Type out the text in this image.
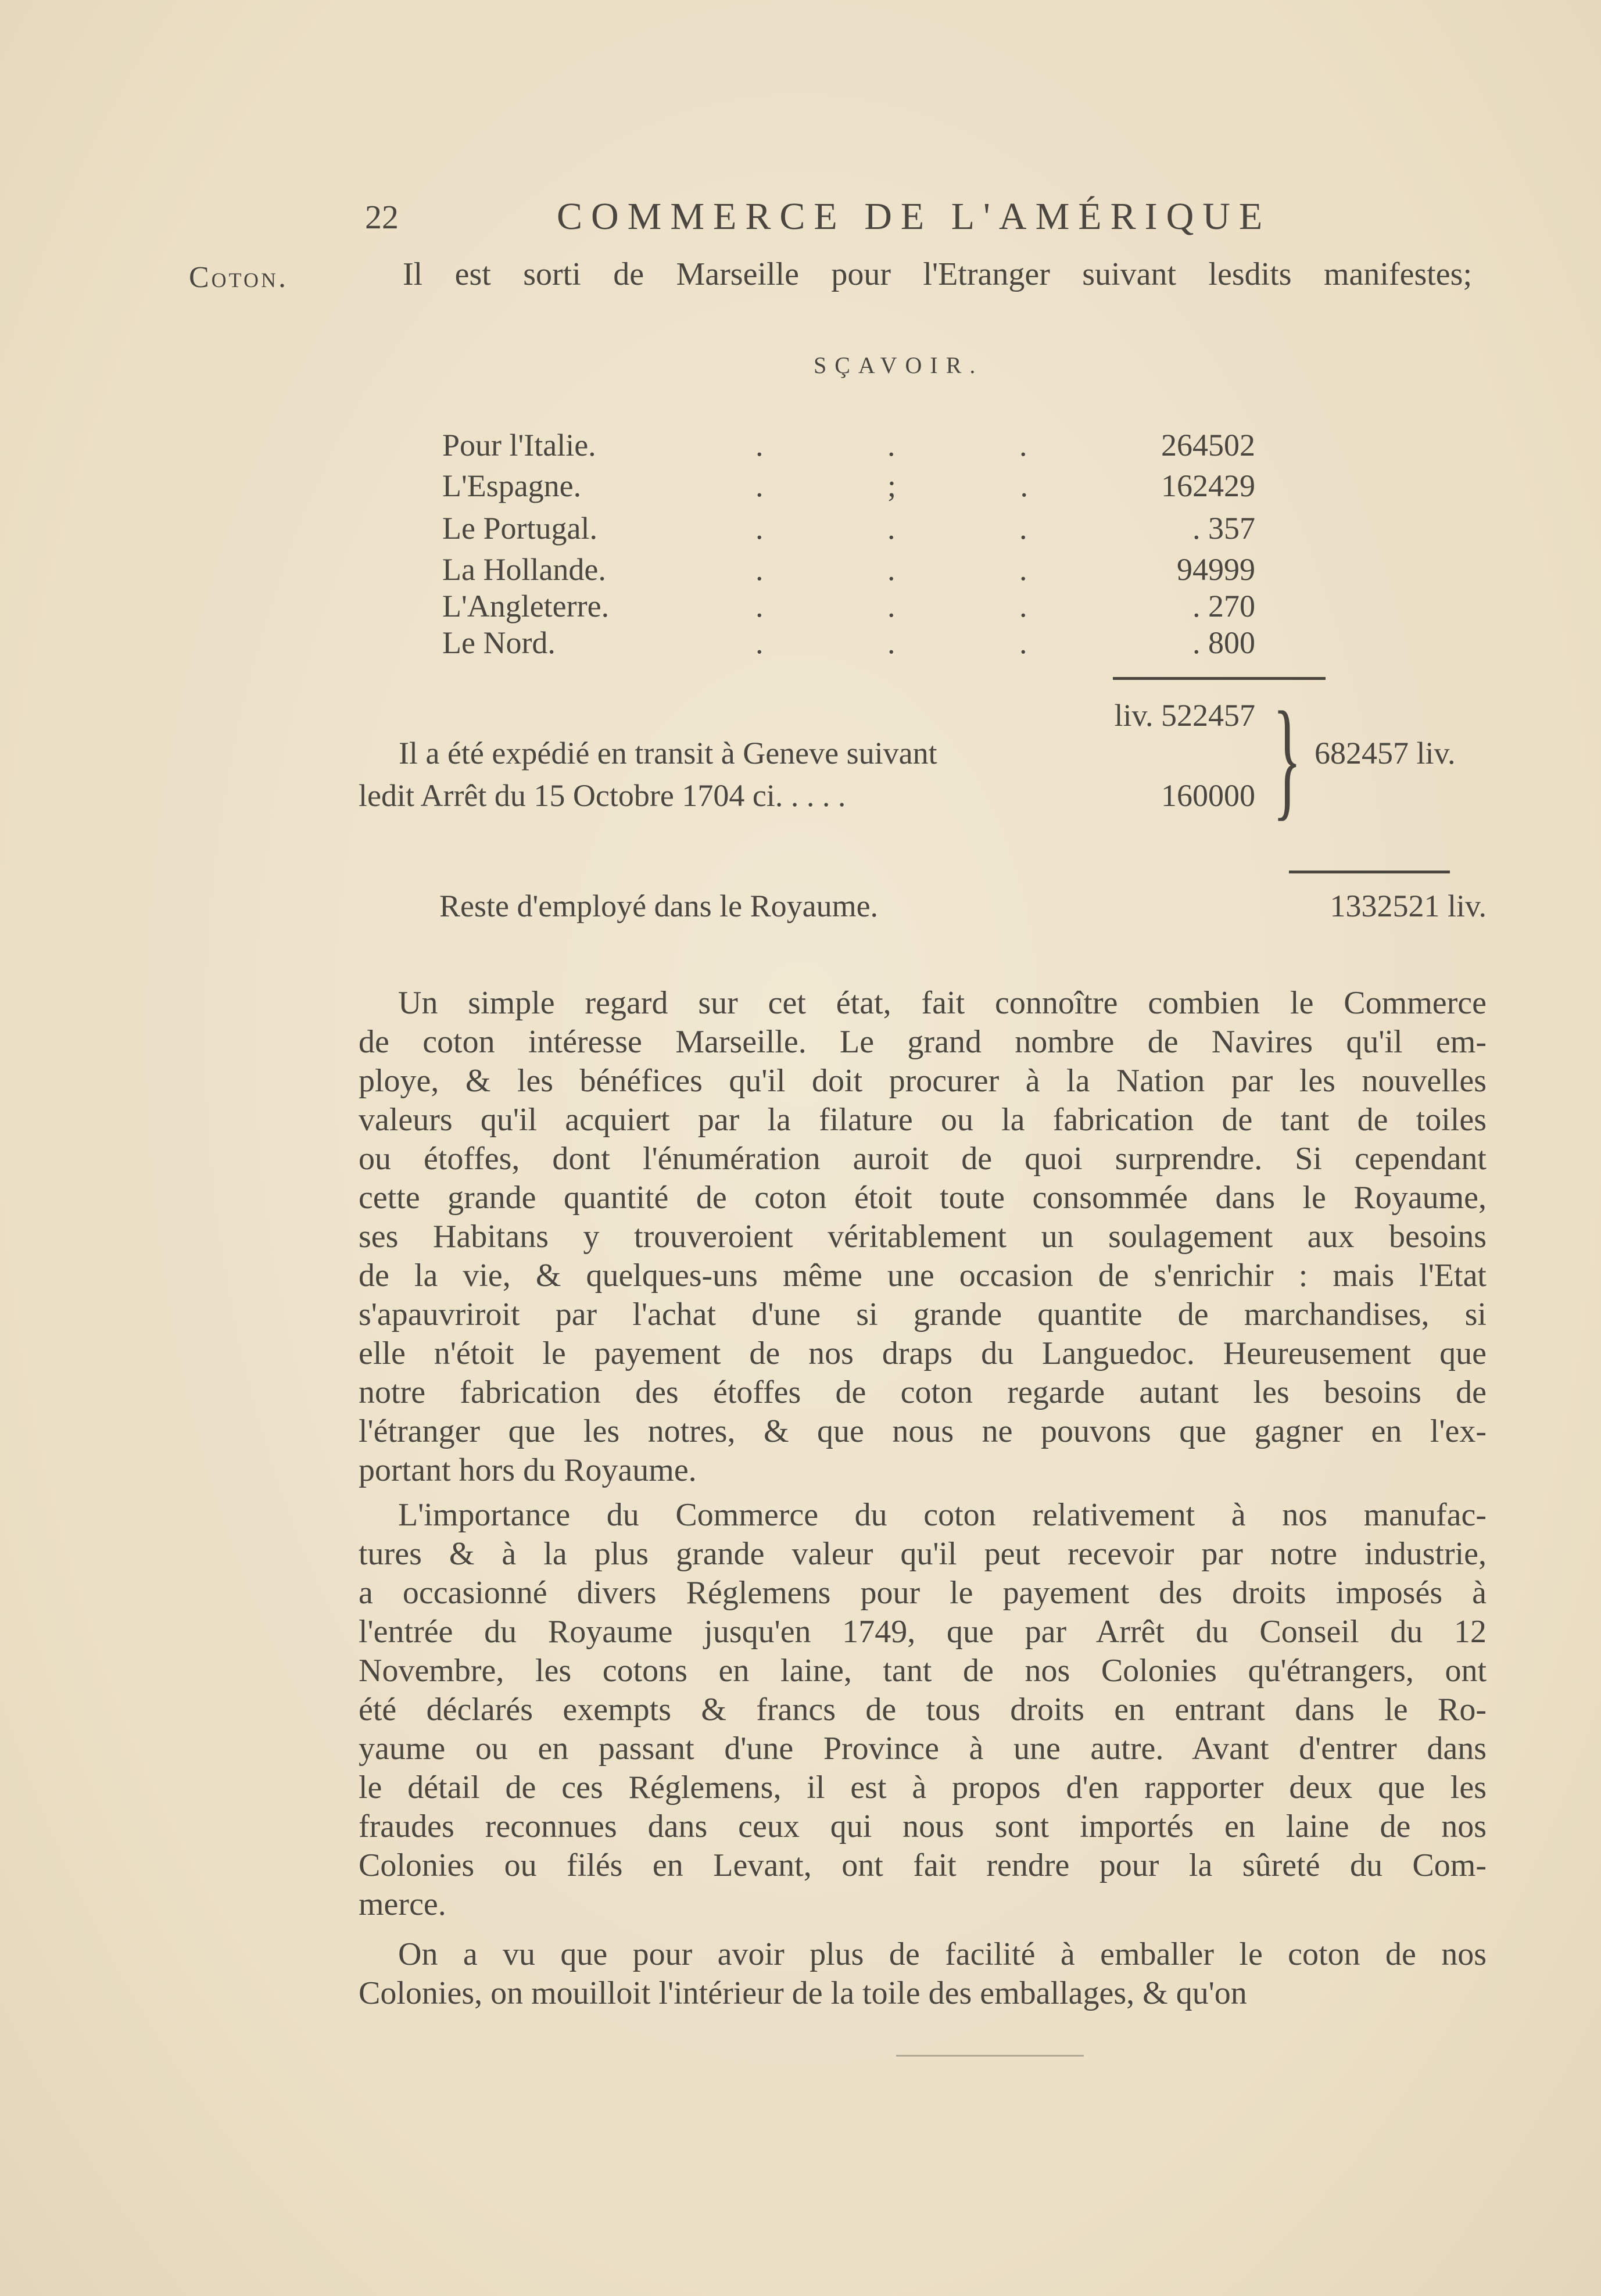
22	COMMERCE DE L'AMÉRIQUE
Coton.	Il est sorti de Marseille pour l'Etranger suivant lesdits manifestes;
SÇAVOIR.
Pour l'Italie.	. . .	264502
L'Espagne.	. ; .	162429
Le Portugal.	. . .	. 357
La Hollande.	. . .	94999
L'Angleterre.	. . .	. 270
Le Nord.	. . .	. 800
liv. 522457
Il a été expédié en transit à Geneve suivant
ledit Arrêt du 15 Octobre 1704 ci. . . . .	160000 } 682457 liv.
Reste d'employé dans le Royaume.	1332521 liv.
Un simple regard sur cet état, fait connoître combien le Commerce
de coton intéresse Marseille. Le grand nombre de Navires qu'il em-
ploye, & les bénéfices qu'il doit procurer à la Nation par les nouvelles
valeurs qu'il acquiert par la filature ou la fabrication de tant de toiles
ou étoffes, dont l'énumération auroit de quoi surprendre. Si cependant
cette grande quantité de coton étoit toute consommée dans le Royaume,
ses Habitans y trouveroient véritablement un soulagement aux besoins
de la vie, & quelques-uns même une occasion de s'enrichir : mais l'Etat
s'apauvriroit par l'achat d'une si grande quantite de marchandises, si
elle n'étoit le payement de nos draps du Languedoc. Heureusement que
notre fabrication des étoffes de coton regarde autant les besoins de
l'étranger que les notres, & que nous ne pouvons que gagner en l'ex-
portant hors du Royaume.
L'importance du Commerce du coton relativement à nos manufac-
tures & à la plus grande valeur qu'il peut recevoir par notre industrie,
a occasionné divers Réglemens pour le payement des droits imposés à
l'entrée du Royaume jusqu'en 1749, que par Arrêt du Conseil du 12
Novembre, les cotons en laine, tant de nos Colonies qu'étrangers, ont
été déclarés exempts & francs de tous droits en entrant dans le Ro-
yaume ou en passant d'une Province à une autre. Avant d'entrer dans
le détail de ces Réglemens, il est à propos d'en rapporter deux que les
fraudes reconnues dans ceux qui nous sont importés en laine de nos
Colonies ou filés en Levant, ont fait rendre pour la sûreté du Com-
merce.
On a vu que pour avoir plus de facilité à emballer le coton de nos
Colonies, on mouilloit l'intérieur de la toile des emballages, & qu'on
